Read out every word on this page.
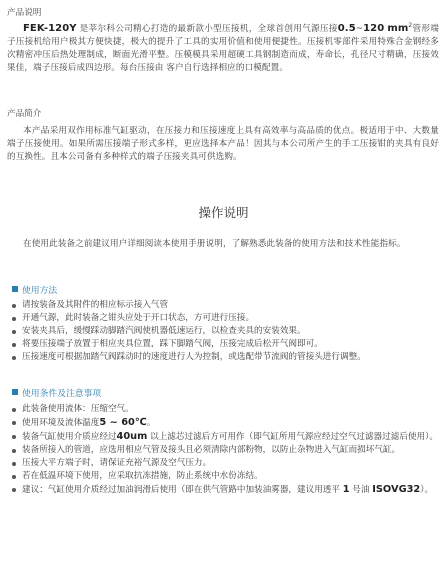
产品说明
FEK-120Y 是莘尔科公司精心打造的最新款小型压接机，全球首创用气源压接0.5~120 $mm^2$管形端子压接机给用户极其方便快捷，极大的提升了工具的实用价值和使用便捷性。压接机零部件采用特殊合金钢经多次精密冲压后热处理制成，断面光滑平整。压模模具采用超硬工具钢制造而成，寿命长，孔径尺寸精确，压接效果佳，端子压接后成四边形。每台压接由 客户自行选择相应的口模配置。
产品简介
本产品采用双作用标准气缸驱动，在压接力和压接速度上具有高效率与高品质的优点。极适用于中、大数量端子压接使用。如果所需压接端子形式多样，更应选择本产品！因其与本公司所产生的手工压接钳的夹具有良好的互换性。且本公司备有多种样式的端子压接夹具可供选购。
操作说明
在使用此装备之前建议用户详细阅读本使用手册说明，了解熟悉此装备的使用方法和技术性能指标。
使用方法
请按装备及其附件的相应标示接入气管
开通气源，此时装备之钳头应处于开口状态，方可进行压接。
安装夹具后，缓慢踩动脚踏汽阀使机器低速运行，以检查夹具的安装效果。
将要压接端子放置于相应夹具位置，踩下脚踏气阀，压接完成后松开气阀即可。
压接速度可根据加踏气阀踩动时的速度进行人为控制，或选配带节流阀的管接头进行调整。
使用条件及注意事项
此装备使用流体：压缩空气。
使用环境及流体温度5 ~ 60℃。
装备气缸使用介质应经过40um 以上滤芯过滤后方可用作（即气缸所用气源应经过空气过滤器过滤后使用）。
装备所接入的管道，应选用相应气管及接头且必须清除内部粉物，以防止杂物进入气缸而损坏气缸。
压接大平方端子时，请保证充裕气源及空气压力。
若在低温环境下使用，应采取抗冻措施，防止系统中水份冻结。
建议：气缸使用介质经过加油润滑后使用（即在供气管路中加装油雾器，建议用透平 1 号油 ISOVG32）。
